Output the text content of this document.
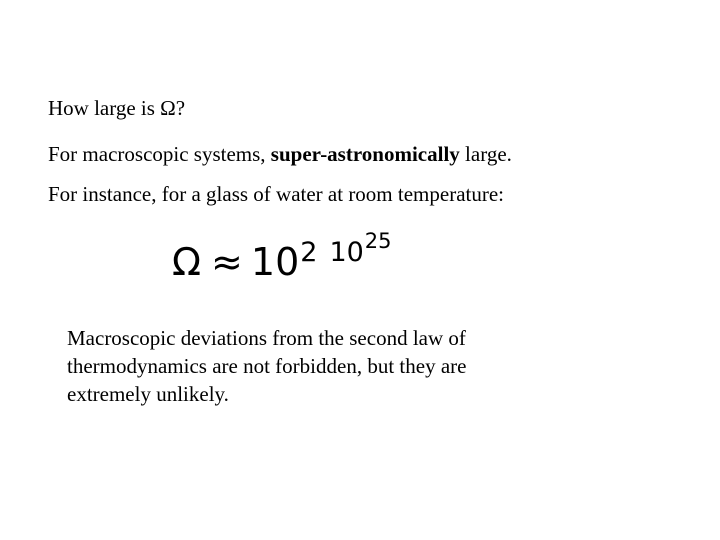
How large is Ω?
For macroscopic systems, super-astronomically large.
For instance, for a glass of water at room temperature:
Ω ≈ 102 1025
Macroscopic deviations from the second law of thermodynamics are not forbidden, but they are extremely unlikely.
